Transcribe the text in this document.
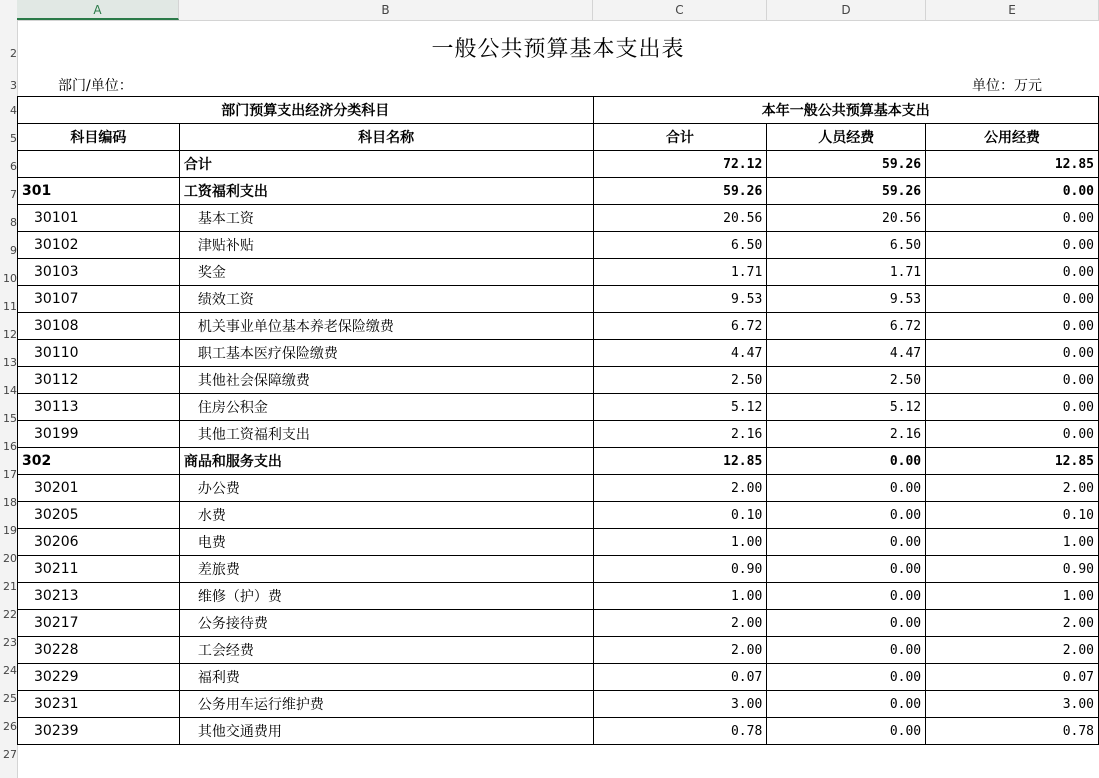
A	B	C	D	E
2
3
4
5
6
7
8
9
10
11
12
13
14
15
16
17
18
19
20
21
22
23
24
25
26
27
一般公共预算基本支出表
部门/单位：	单位：万元
部门预算支出经济分类科目		本年一般公共预算基本支出		
科目编码	科目名称	合计	人员经费	公用经费
	合计	72.12	59.26	12.85
301	工资福利支出	59.26	59.26	0.00
30101	基本工资	20.56	20.56	0.00
30102	津贴补贴	6.50	6.50	0.00
30103	奖金	1.71	1.71	0.00
30107	绩效工资	9.53	9.53	0.00
30108	机关事业单位基本养老保险缴费	6.72	6.72	0.00
30110	职工基本医疗保险缴费	4.47	4.47	0.00
30112	其他社会保障缴费	2.50	2.50	0.00
30113	住房公积金	5.12	5.12	0.00
30199	其他工资福利支出	2.16	2.16	0.00
302	商品和服务支出	12.85	0.00	12.85
30201	办公费	2.00	0.00	2.00
30205	水费	0.10	0.00	0.10
30206	电费	1.00	0.00	1.00
30211	差旅费	0.90	0.00	0.90
30213	维修（护）费	1.00	0.00	1.00
30217	公务接待费	2.00	0.00	2.00
30228	工会经费	2.00	0.00	2.00
30229	福利费	0.07	0.00	0.07
30231	公务用车运行维护费	3.00	0.00	3.00
30239	其他交通费用	0.78	0.00	0.78
